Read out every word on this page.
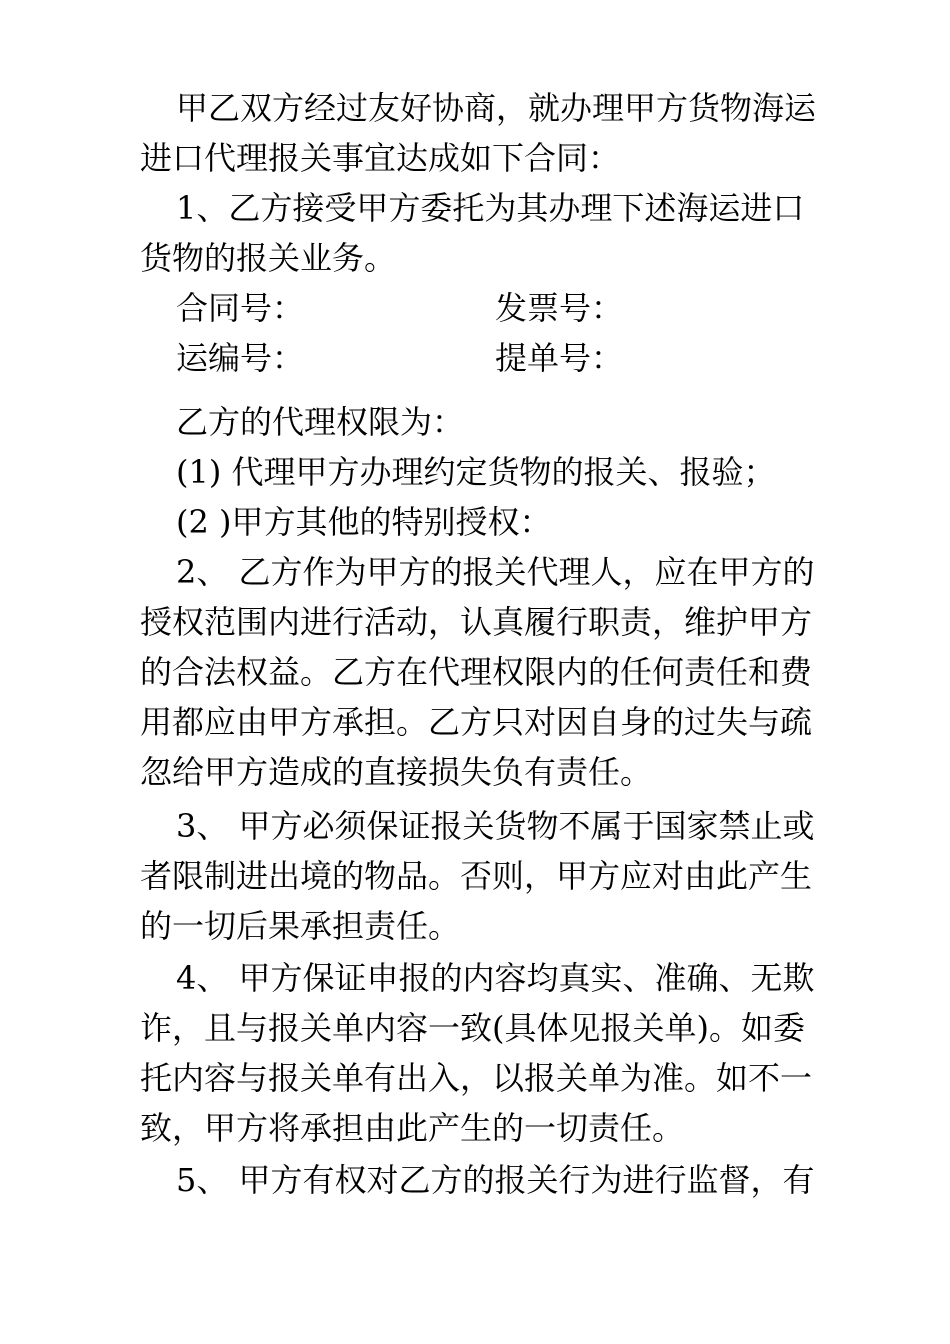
甲乙双方经过友好协商，就办理甲方货物海运
进口代理报关事宜达成如下合同：
1、乙方接受甲方委托为其办理下述海运进口
货物的报关业务。
合同号：	发票号：
运编号：	提单号：
乙方的代理权限为：
(1) 代理甲方办理约定货物的报关、报验；
(2 )甲方其他的特别授权：
2、 乙方作为甲方的报关代理人，应在甲方的
授权范围内进行活动，认真履行职责，维护甲方
的合法权益。乙方在代理权限内的任何责任和费
用都应由甲方承担。乙方只对因自身的过失与疏
忽给甲方造成的直接损失负有责任。
3、 甲方必须保证报关货物不属于国家禁止或
者限制进出境的物品。否则，甲方应对由此产生
的一切后果承担责任。
4、 甲方保证申报的内容均真实、准确、无欺
诈，且与报关单内容一致(具体见报关单)。如委
托内容与报关单有出入，以报关单为准。如不一
致，甲方将承担由此产生的一切责任。
5、 甲方有权对乙方的报关行为进行监督，有
